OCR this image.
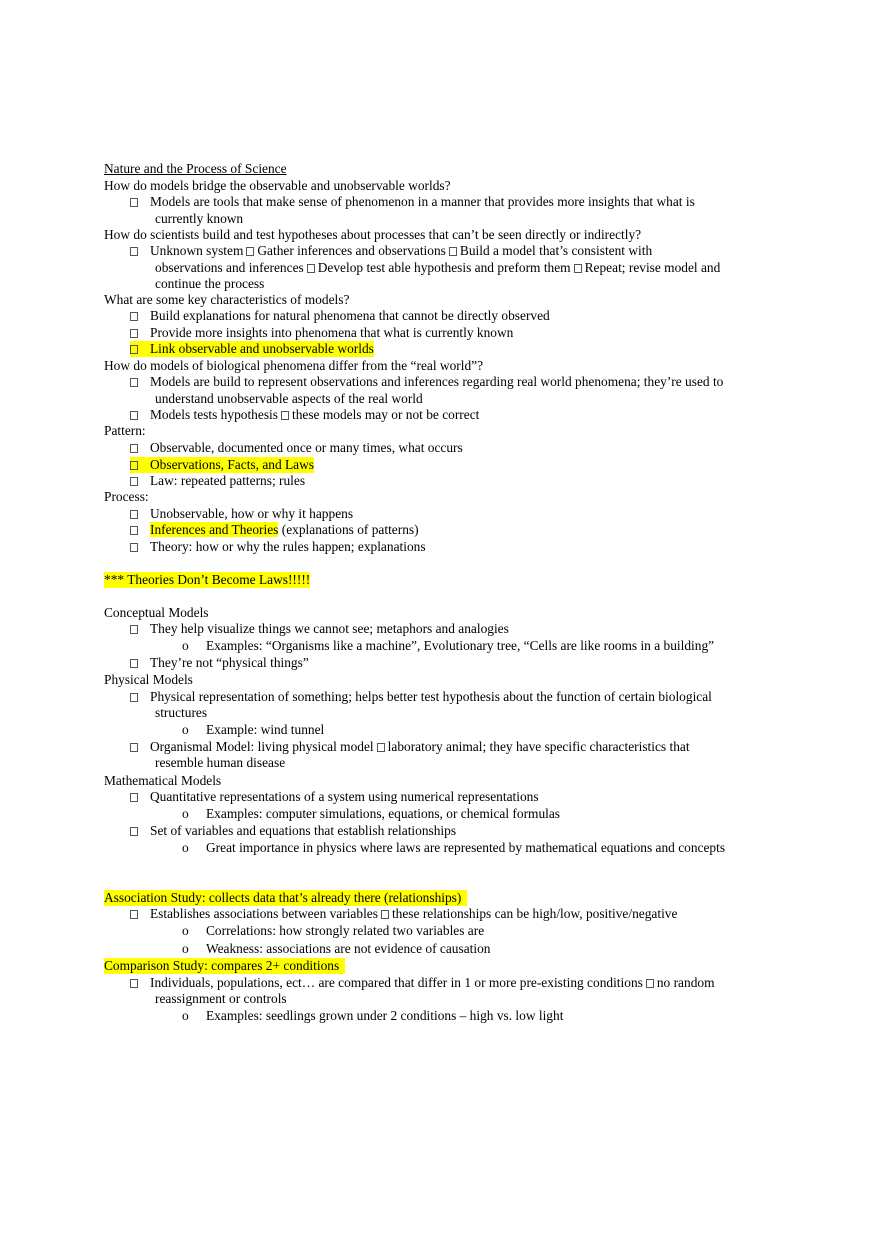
Nature and the Process of Science
How do models bridge the observable and unobservable worlds?
Models are tools that make sense of phenomenon in a manner that provides more insights that what is
currently known
How do scientists build and test hypotheses about processes that can’t be seen directly or indirectly?
Unknown system Gather inferences and observations Build a model that’s consistent with
observations and inferences Develop test able hypothesis and preform them Repeat; revise model and
continue the process
What are some key characteristics of models?
Build explanations for natural phenomena that cannot be directly observed
Provide more insights into phenomena that what is currently known
Link observable and unobservable worlds
How do models of biological phenomena differ from the “real world”?
Models are build to represent observations and inferences regarding real world phenomena; they’re used to
understand unobservable aspects of the real world
Models tests hypothesis these models may or not be correct
Pattern:
Observable, documented once or many times, what occurs
Observations, Facts, and Laws
Law: repeated patterns; rules
Process:
Unobservable, how or why it happens
Inferences and Theories (explanations of patterns)
Theory: how or why the rules happen; explanations
*** Theories Don’t Become Laws!!!!!
Conceptual Models
They help visualize things we cannot see; metaphors and analogies
o Examples: “Organisms like a machine”, Evolutionary tree, “Cells are like rooms in a building”
They’re not “physical things”
Physical Models
Physical representation of something; helps better test hypothesis about the function of certain biological
structures
o Example: wind tunnel
Organismal Model: living physical model laboratory animal; they have specific characteristics that
resemble human disease
Mathematical Models
Quantitative representations of a system using numerical representations
o Examples: computer simulations, equations, or chemical formulas
Set of variables and equations that establish relationships
o Great importance in physics where laws are represented by mathematical equations and concepts
Association Study: collects data that’s already there (relationships)
Establishes associations between variables these relationships can be high/low, positive/negative
o Correlations: how strongly related two variables are
o Weakness: associations are not evidence of causation
Comparison Study: compares 2+ conditions
Individuals, populations, ect… are compared that differ in 1 or more pre-existing conditions no random
reassignment or controls
o Examples: seedlings grown under 2 conditions – high vs. low light
